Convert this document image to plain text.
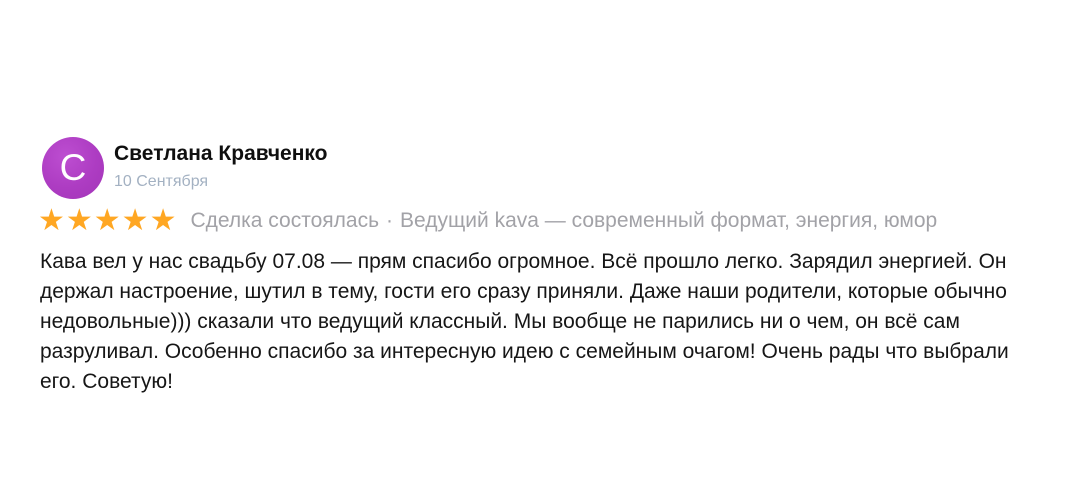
С Светлана Кравченко
10 Сентября
★★★★★ Сделка состоялась · Ведущий kava — современный формат, энергия, юмор
Кава вел у нас свадьбу 07.08 — прям спасибо огромное. Всё прошло легко. Зарядил энергией. Он держал настроение, шутил в тему, гости его сразу приняли. Даже наши родители, которые обычно недовольные))) сказали что ведущий классный. Мы вообще не парились ни о чем, он всё сам разруливал. Особенно спасибо за интересную идею с семейным очагом! Очень рады что выбрали его. Советую!
